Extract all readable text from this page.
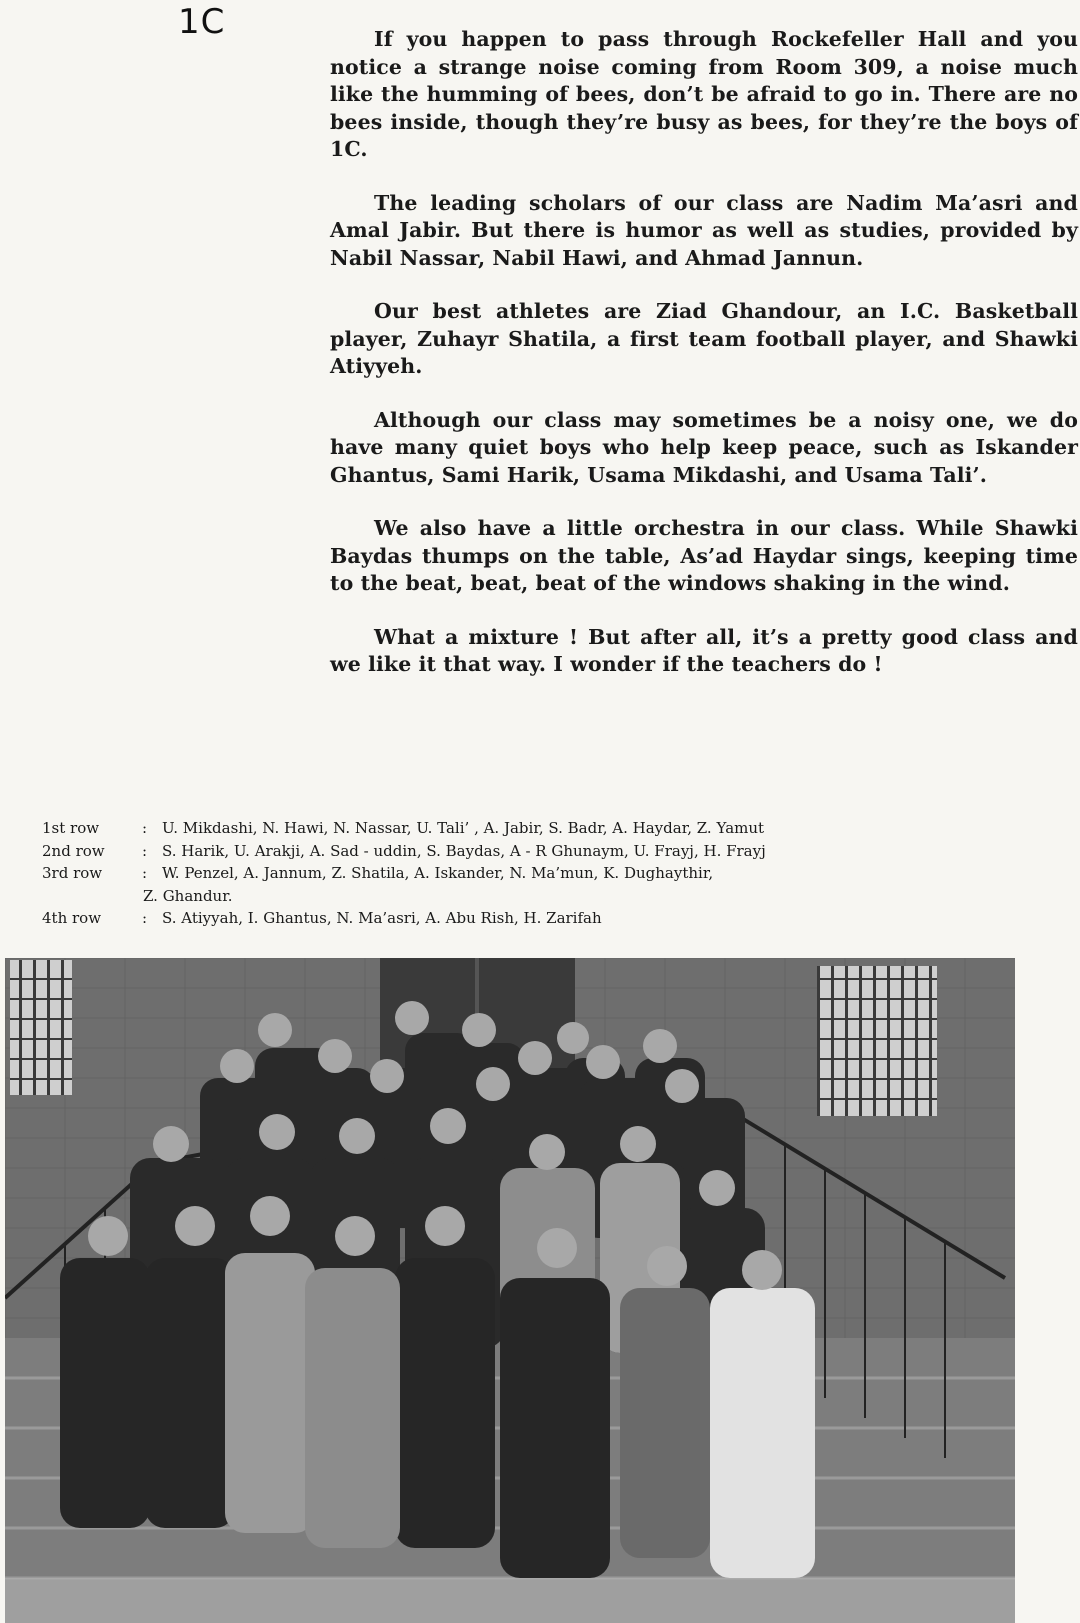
1C	If you happen to pass through Rockefeller Hall and you notice a strange noise coming from Room 309, a noise much like the humming of bees, don’t be afraid to go in. There are no bees inside, though they’re busy as bees, for they’re the boys of 1C.

The leading scholars of our class are Nadim Ma’asri and Amal Jabir. But there is humor as well as studies, provided by Nabil Nassar, Nabil Hawi, and Ahmad Jannun.

Our best athletes are Ziad Ghandour, an I.C. Basketball player, Zuhayr Shatila, a first team football player, and Shawki Atiyyeh.

Although our class may sometimes be a noisy one, we do have many quiet boys who help keep peace, such as Iskander Ghantus, Sami Harik, Usama Mikdashi, and Usama Tali’.

We also have a little orchestra in our class. While Shawki Baydas thumps on the table, As’ad Haydar sings, keeping time to the beat, beat, beat of the windows shaking in the wind.

What a mixture ! But after all, it’s a pretty good class and we like it that way. I wonder if the teachers do !

1st row	: U. Mikdashi, N. Hawi, N. Nassar, U. Tali’ , A. Jabir, S. Badr, A. Haydar, Z. Yamut
2nd row	: S. Harik, U. Arakji, A. Sad - uddin, S. Baydas, A - R Ghunaym, U. Frayj, H. Frayj
3rd row	: W. Penzel, A. Jannum, Z. Shatila, A. Iskander, N. Ma’mun, K. Dughaythir,
Z. Ghandur.
4th row	: S. Atiyyah, I. Ghantus, N. Ma’asri, A. Abu Rish, H. Zarifah
